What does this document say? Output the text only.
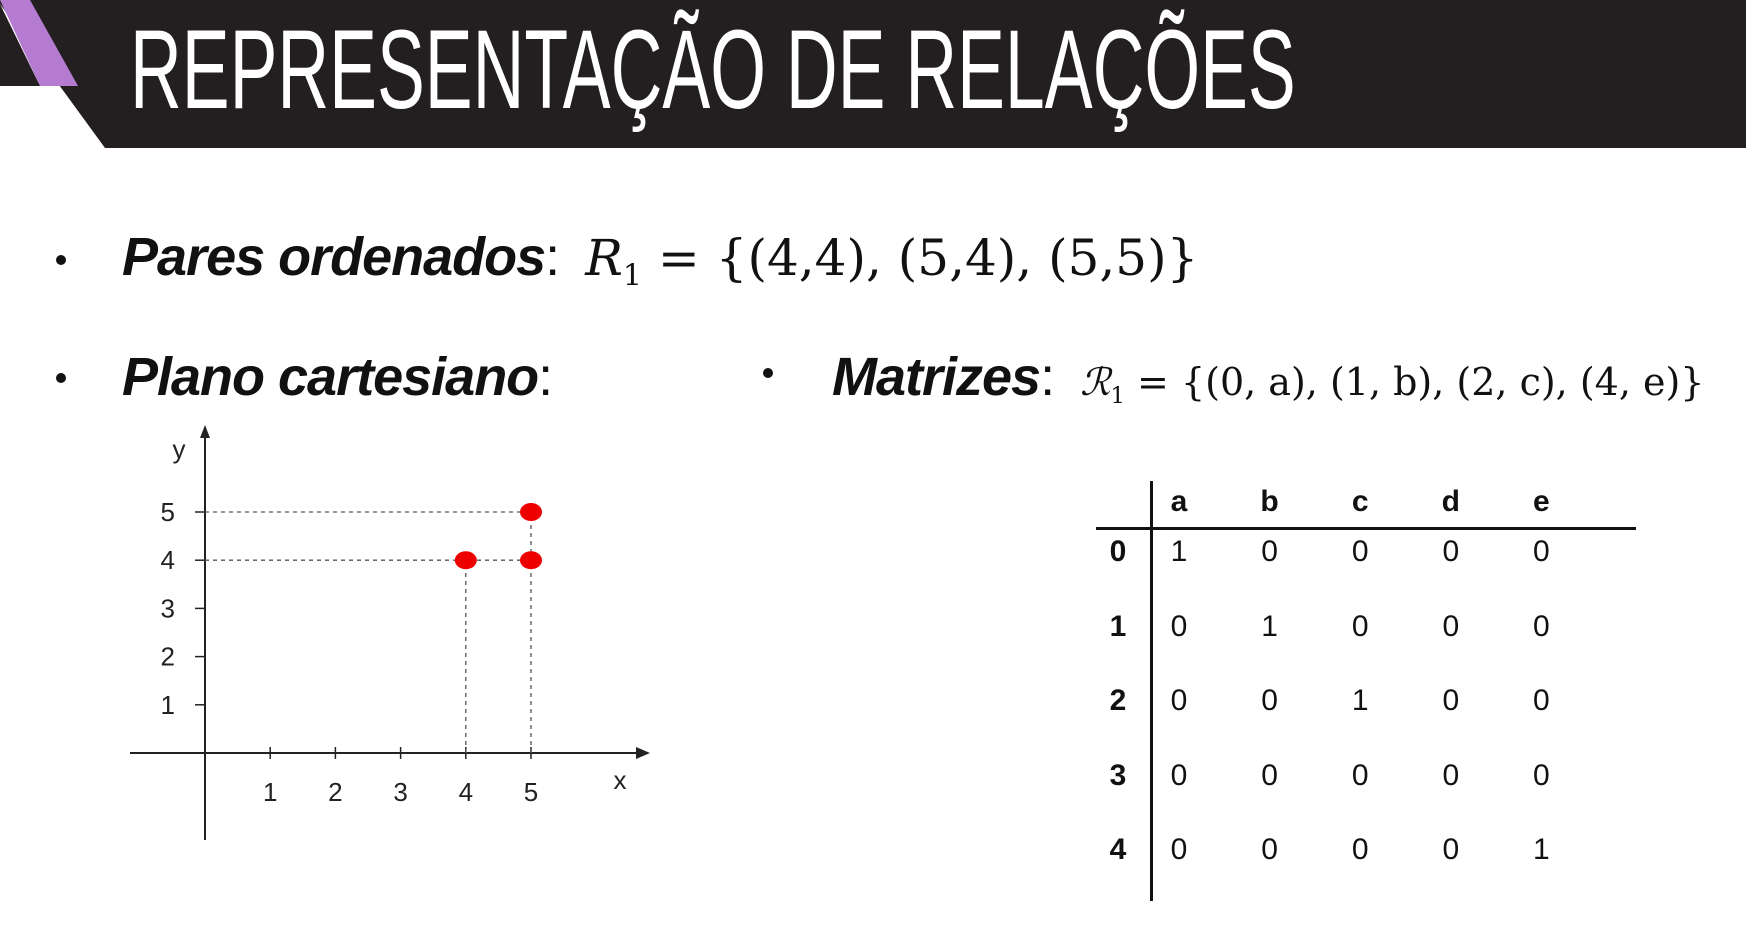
REPRESENTAÇÃO DE RELAÇÕES
Pares ordenados: $R_1 = \{(4,4)$, (5,4), (5,5)}
Plano cartesiano:	Matrizes: ℛ$_1$ = {(0, a), (1, b), (2, c), (4, e)}
x
y
1 2 3 4 5
1
2
3
4
5	a	b	c	d	e
0	1	0	0	0	0
1	0	1	0	0	0
2	0	0	1	0	0
3	0	0	0	0	0
4	0	0	0	0	1
